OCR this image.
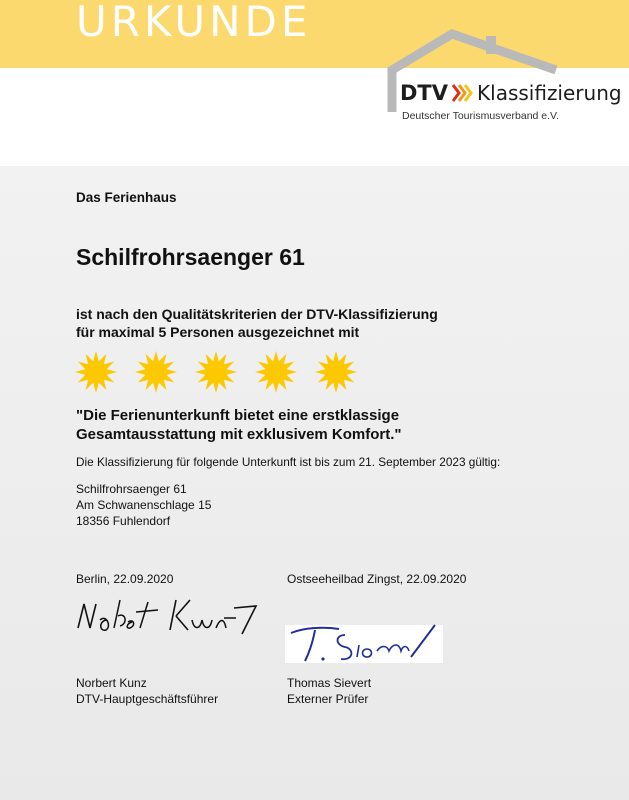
URKUNDE
DTV Klassifizierung
Deutscher Tourismusverband e.V.
Das Ferienhaus
Schilfrohrsaenger 61
ist nach den Qualitätskriterien der DTV-Klassifizierung
für maximal 5 Personen ausgezeichnet mit
"Die Ferienunterkunft bietet eine erstklassige
Gesamtausstattung mit exklusivem Komfort."
Die Klassifizierung für folgende Unterkunft ist bis zum 21. September 2023 gültig:
Schilfrohrsaenger 61
Am Schwanenschlage 15
18356 Fuhlendorf
Berlin, 22.09.2020	Ostseeheilbad Zingst, 22.09.2020
Norbert Kunz
DTV-Hauptgeschäftsführer
Thomas Sievert
Externer Prüfer
